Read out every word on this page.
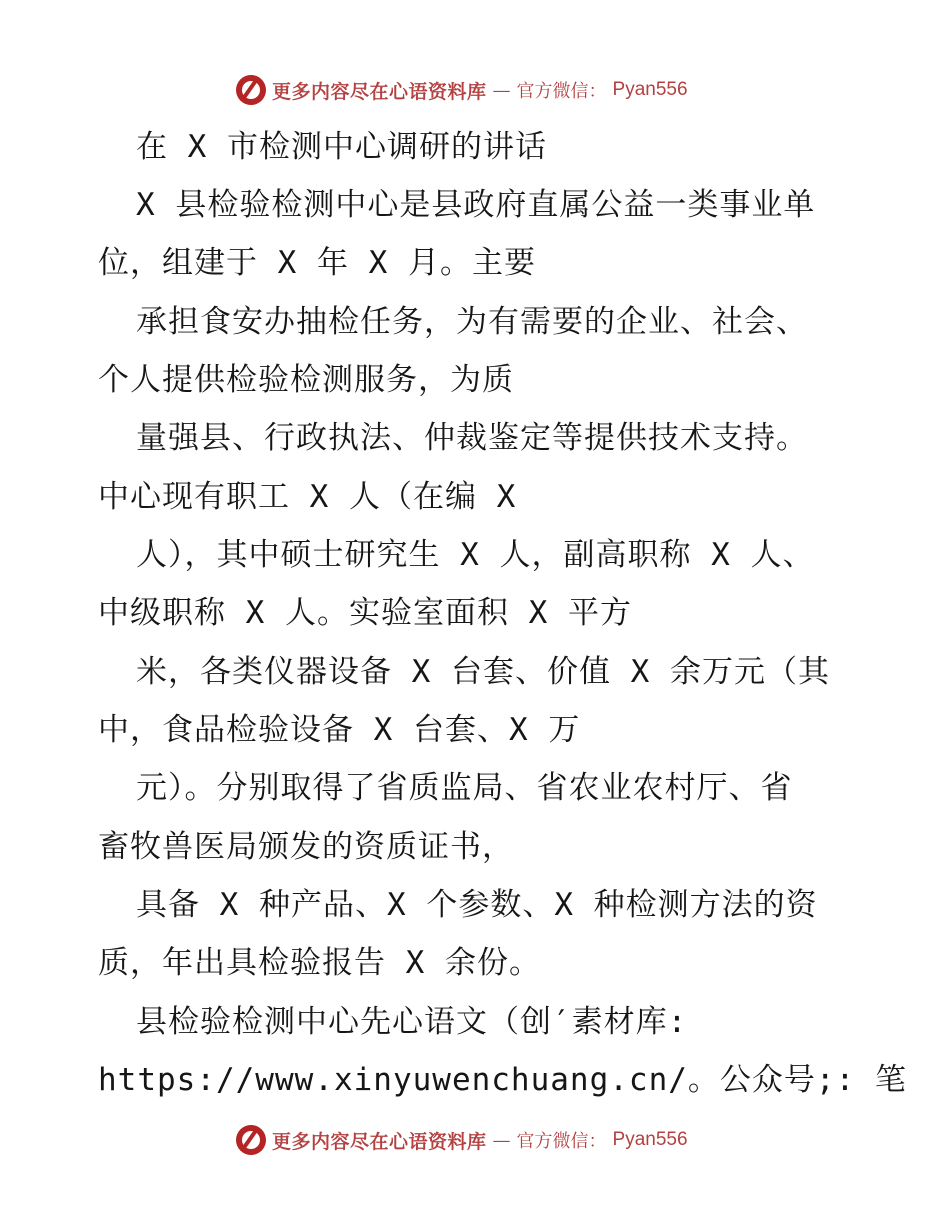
更多内容尽在心语资料库 — 官方微信： Pyan556
在 X 市检测中心调研的讲话
X 县检验检测中心是县政府直属公益一类事业单
位，组建于 X 年 X 月。主要
承担食安办抽检任务，为有需要的企业、社会、
个人提供检验检测服务，为质
量强县、行政执法、仲裁鉴定等提供技术支持。
中心现有职工 X 人（在编 X
人），其中硕士研究生 X 人，副高职称 X 人、
中级职称 X 人。实验室面积 X 平方
米，各类仪器设备 X 台套、价值 X 余万元（其
中，食品检验设备 X 台套、X 万
元）。分别取得了省质监局、省农业农村厅、省
畜牧兽医局颁发的资质证书，
具备 X 种产品、X 个参数、X 种检测方法的资
质，年出具检验报告 X 余份。
县检验检测中心先心语文（创′素材库:
https://www.xinyuwenchuang.cn/。公众号;: 笔
更多内容尽在心语资料库 — 官方微信： Pyan556
